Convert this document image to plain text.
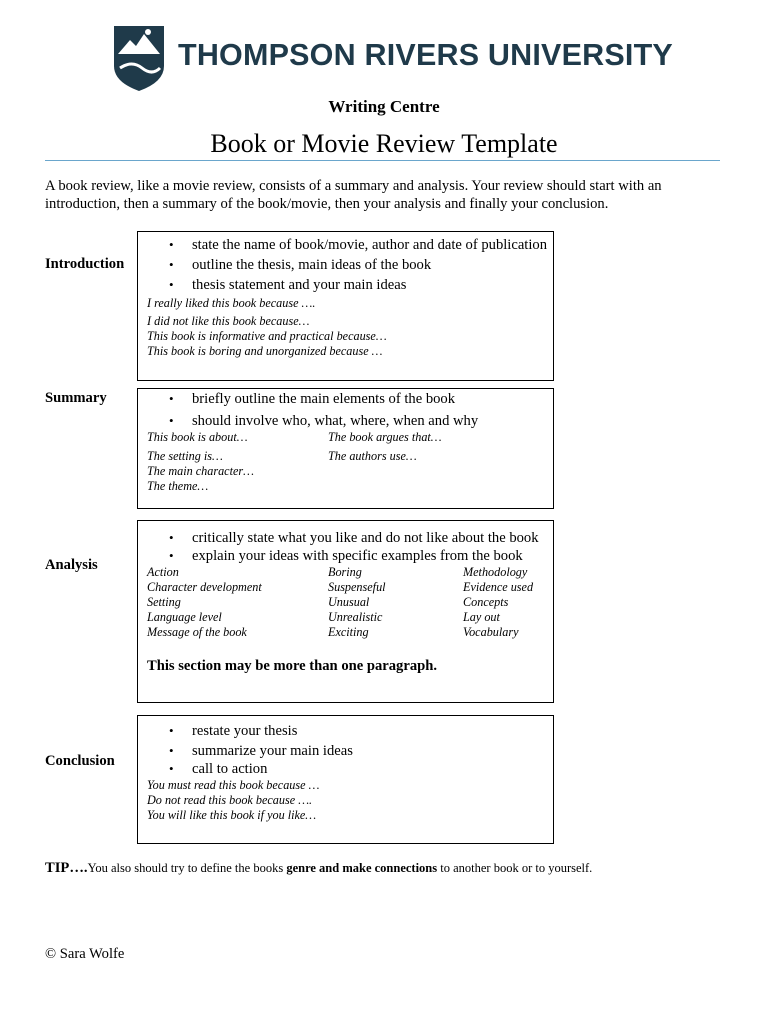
THOMPSON RIVERS UNIVERSITY
Writing Centre
Book or Movie Review Template
A book review, like a movie review, consists of a summary and analysis. Your review should start with an introduction, then a summary of the book/movie, then your analysis and finally your conclusion.
Introduction
• state the name of book/movie, author and date of publication
• outline the thesis, main ideas of the book
• thesis statement and your main ideas
I really liked this book because ….
I did not like this book because…
This book is informative and practical because…
This book is boring and unorganized because …
Summary
•	briefly outline the main elements of the book
• should involve who, what, where, when and why
This book is about…
The setting is…
The main character…
The theme…
The book argues that…
The authors use…
Analysis
• critically state what you like and do not like about the book
• explain your ideas with specific examples from the book
Action
Character development
Setting
Language level
Message of the book
Boring
Suspenseful
Unusual
Unrealistic
Exciting
Methodology
Evidence used
Concepts
Lay out
Vocabulary
This section may be more than one paragraph.
Conclusion
• restate your thesis
• summarize your main ideas
• call to action
You must read this book because …
Do not read this book because ….
You will like this book if you like…
TIP….You also should try to define the books genre and make connections to another book or to yourself.
© Sara Wolfe
